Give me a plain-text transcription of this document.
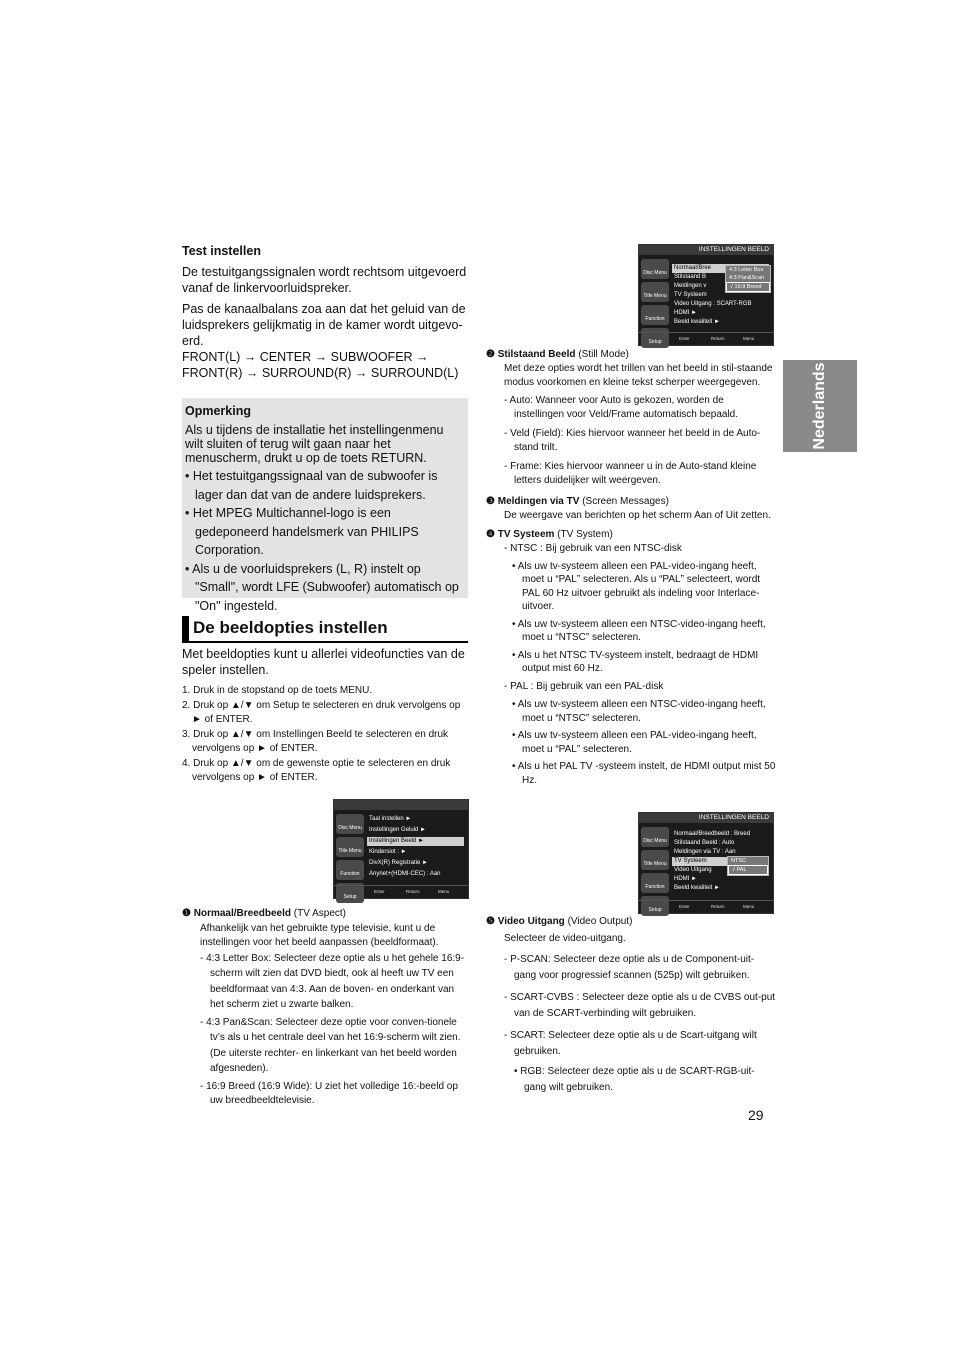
Nederlands
Test instellen
De testuitgangssignalen wordt rechtsom uitgevoerd vanaf de linkervoorluidspreker.
Pas de kanaalbalans zoa aan dat het geluid van de luidsprekers gelijkmatig in de kamer wordt uitgevo-erd.
FRONT(L) → CENTER → SUBWOOFER → FRONT(R) → SURROUND(R) → SURROUND(L)
Opmerking
Als u tijdens de installatie het instellingenmenu wilt sluiten of terug wilt gaan naar het menuscherm, drukt u op de toets RETURN.
• Het testuitgangssignaal van de subwoofer is lager dan dat van de andere luidsprekers.
• Het MPEG Multichannel-logo is een gedeponeerd handelsmerk van PHILIPS Corporation.
• Als u de voorluidsprekers (L, R) instelt op "Small", wordt LFE (Subwoofer) automatisch op "On" ingesteld.
De beeldopties instellen
Met beeldopties kunt u allerlei videofuncties van de speler instellen.
1. Druk in de stopstand op de toets MENU.
2. Druk op ▲/▼ om Setup te selecteren en druk vervolgens op ► of ENTER.
3. Druk op ▲/▼ om Instellingen Beeld te selecteren en druk vervolgens op ► of ENTER.
4. Druk op ▲/▼ om de gewenste optie te selecteren en druk vervolgens op ► of ENTER.
Disc Menu
Title Menu
Function
Setup
Taal instellen ►
Instellingen Geluid ►
Instellingen Beeld ►
Kindersiot : ►
DivX(R) Registratie ►
Anynet+(HDMI-CEC) : Aan
Enter	Return	Menu
❶ Normaal/Breedbeeld (TV Aspect)
Afhankelijk van het gebruikte type televisie, kunt u de instellingen voor het beeld aanpassen (beeldformaat).
- 4:3 Letter Box: Selecteer deze optie als u het gehele 16:9-scherm wilt zien dat DVD biedt, ook al heeft uw TV een beeldformaat van 4:3. Aan de boven- en onderkant van het scherm ziet u zwarte balken.
- 4:3 Pan&Scan: Selecteer deze optie voor conven-tionele tv’s als u het centrale deel van het 16:9-scherm wilt zien. (De uiterste rechter- en linkerkant van het beeld worden afgesneden).
- 16:9 Breed (16:9 Wide): U ziet het volledige 16:-beeld op uw breedbeeldtelevisie.
INSTELLINGEN BEELD
Disc Menu
Title Menu
Function
Setup
Normaal/Bree
Stilstaand B
Meldingen v
TV Systeem
Video Uitgang : SCART-RGB
HDMI ►
Beeld kwaliteit ►
4:3 Letter Box
4:3 Pan&Scan
√ 16:9 Breed
Enter	Return	Menu
❷ Stilstaand Beeld (Still Mode)
Met deze opties wordt het trillen van het beeld in stil-staande modus voorkomen en kleine tekst scherper weergegeven.
- Auto: Wanneer voor Auto is gekozen, worden de instellingen voor Veld/Frame automatisch bepaald.
- Veld (Field): Kies hiervoor wanneer het beeld in de Auto-stand trilt.
- Frame: Kies hiervoor wanneer u in de Auto-stand kleine letters duidelijker wilt weergeven.
❸ Meldingen via TV (Screen Messages)
De weergave van berichten op het scherm Aan of Uit zetten.
❹ TV Systeem (TV System)
- NTSC : Bij gebruik van een NTSC-disk
• Als uw tv-systeem alleen een PAL-video-ingang heeft, moet u “PAL” selecteren. Als u “PAL” selecteert, wordt PAL 60 Hz uitvoer gebruikt als indeling voor Interlace-uitvoer.
• Als uw tv-systeem alleen een NTSC-video-ingang heeft, moet u “NTSC” selecteren.
• Als u het NTSC TV-systeem instelt, bedraagt de HDMI output mist 60 Hz.
- PAL : Bij gebruik van een PAL-disk
• Als uw tv-systeem alleen een NTSC-video-ingang heeft, moet u “NTSC” selecteren.
• Als uw tv-systeem alleen een PAL-video-ingang heeft, moet u “PAL” selecteren.
• Als u het PAL TV -systeem instelt, de HDMI output mist 50 Hz.
INSTELLINGEN BEELD
Disc Menu
Title Menu
Function
Setup
Normaal/Breedbeeld : Breed
Stilstaand Beeld : Auto
Meldingen via TV : Aan
TV Systeem
Video Uitgang
HDMI ►
Beeld kwaliteit ►
NTSC
√ PAL
Enter	Return	Menu
❺ Video Uitgang (Video Output)
Selecteer de video-uitgang.
- P-SCAN: Selecteer deze optie als u de Component-uit-gang voor progressief scannen (525p) wilt gebruiken.
- SCART-CVBS : Selecteer deze optie als u de CVBS out-put van de SCART-verbinding wilt gebruiken.
- SCART: Selecteer deze optie als u de Scart-uitgang wilt gebruiken.
• RGB: Selecteer deze optie als u de SCART-RGB-uit-gang wilt gebruiken.
29
